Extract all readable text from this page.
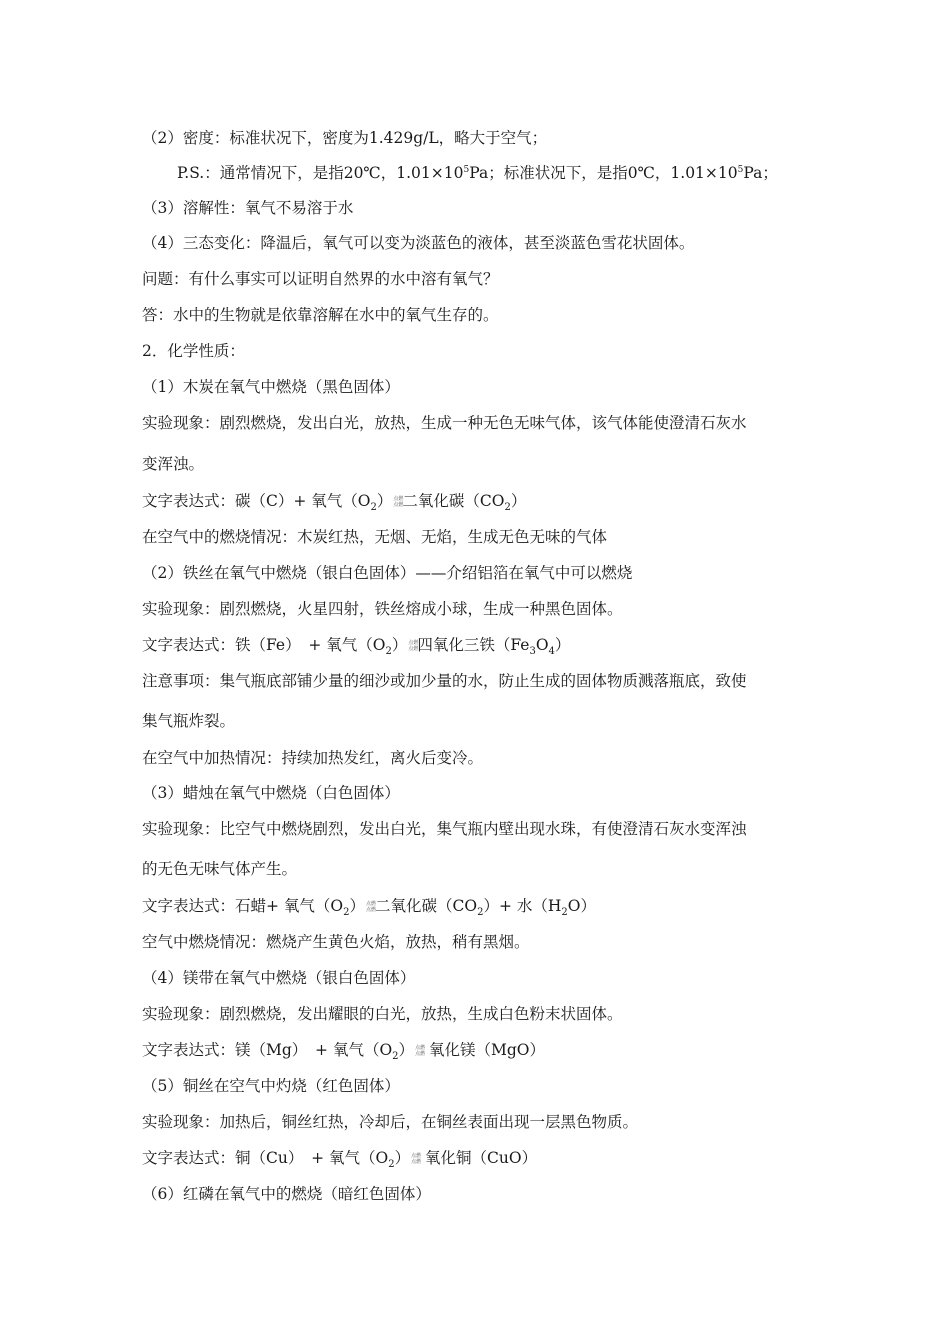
（2）密度：标准状况下，密度为1.429g/L，略大于空气；
P.S.：通常情况下，是指20℃，$1.01\times 10^5Pa$；标准状况下，是指0℃，$1.01\times 10^5Pa$；
（3）溶解性：氧气不易溶于水
（4）三态变化：降温后，氧气可以变为淡蓝色的液体，甚至淡蓝色雪花状固体。
问题：有什么事实可以证明自然界的水中溶有氧气？
答：水中的生物就是依靠溶解在水中的氧气生存的。
2．化学性质：
（1）木炭在氧气中燃烧（黑色固体）
实验现象：剧烈燃烧，发出白光，放热，生成一种无色无味气体，该气体能使澄清石灰水
变浑浊。
文字表达式：碳（C）+ 氧气$(O_2)$点燃
点燃二氧化碳$(CO_2)$
在空气中的燃烧情况：木炭红热，无烟、无焰，生成无色无味的气体
（2）铁丝在氧气中燃烧（银白色固体）——介绍铝箔在氧气中可以燃烧
实验现象：剧烈燃烧，火星四射，铁丝熔成小球，生成一种黑色固体。
文字表达式：铁（Fe）　+ 氧气$(O_2)$点燃
点燃四氧化三铁$(Fe_3O_4)$
注意事项：集气瓶底部铺少量的细沙或加少量的水，防止生成的固体物质溅落瓶底，致使
集气瓶炸裂。
在空气中加热情况：持续加热发红，离火后变冷。
（3）蜡烛在氧气中燃烧（白色固体）
实验现象：比空气中燃烧剧烈，发出白光，集气瓶内壁出现水珠，有使澄清石灰水变浑浊
的无色无味气体产生。
文字表达式：石蜡+ 氧气$(O_2)$点燃
点燃二氧化碳$(CO_2)+$ 水$(H_2O)$
空气中燃烧情况：燃烧产生黄色火焰，放热，稍有黑烟。
（4）镁带在氧气中燃烧（银白色固体）
实验现象：剧烈燃烧，发出耀眼的白光，放热，生成白色粉末状固体。
文字表达式：镁（Mg）　+ 氧气$(O_2)$点燃
点燃 氧化镁（MgO）
（5）铜丝在空气中灼烧（红色固体）
实验现象：加热后，铜丝红热，冷却后，在铜丝表面出现一层黑色物质。
文字表达式：铜（Cu）　+ 氧气$(O_2)$点燃
点燃 氧化铜（CuO）
（6）红磷在氧气中的燃烧（暗红色固体）
